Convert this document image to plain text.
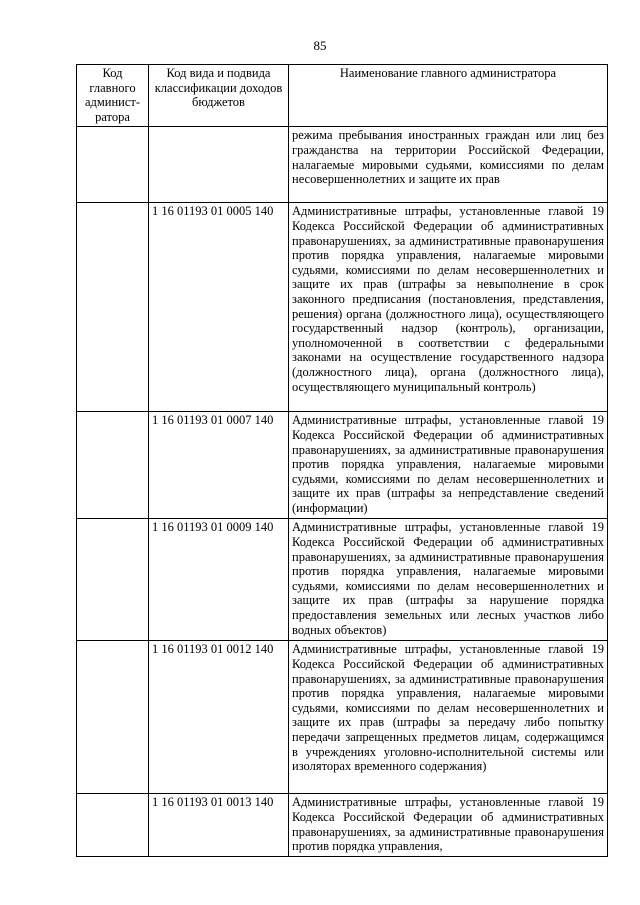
85
Код главного админист-ратора	Код вида и подвида классификации доходов бюджетов	Наименование главного администратора
		режима пребывания иностранных граждан или лиц без гражданства на территории Российской Федерации, налагаемые мировыми судьями, комиссиями по делам несовершеннолетних и защите их прав
	1 16 01193 01 0005 140	Административные штрафы, установленные главой 19 Кодекса Российской Федерации об административных правонарушениях, за административные правонарушения против порядка управления, налагаемые мировыми судьями, комиссиями по делам несовершеннолетних и защите их прав (штрафы за невыполнение в срок законного предписания (постановления, представления, решения) органа (должностного лица), осуществляющего государственный надзор (контроль), организации, уполномоченной в соответствии с федеральными законами на осуществление государственного надзора (должностного лица), органа (должностного лица), осуществляющего муниципальный контроль)
	1 16 01193 01 0007 140	Административные штрафы, установленные главой 19 Кодекса Российской Федерации об административных правонарушениях, за административные правонарушения против порядка управления, налагаемые мировыми судьями, комиссиями по делам несовершеннолетних и защите их прав (штрафы за непредставление сведений (информации)
	1 16 01193 01 0009 140	Административные штрафы, установленные главой 19 Кодекса Российской Федерации об административных правонарушениях, за административные правонарушения против порядка управления, налагаемые мировыми судьями, комиссиями по делам несовершеннолетних и защите их прав (штрафы за нарушение порядка предоставления земельных или лесных участков либо водных объектов)
	1 16 01193 01 0012 140	Административные штрафы, установленные главой 19 Кодекса Российской Федерации об административных правонарушениях, за административные правонарушения против порядка управления, налагаемые мировыми судьями, комиссиями по делам несовершеннолетних и защите их прав (штрафы за передачу либо попытку передачи запрещенных предметов лицам, содержащимся в учреждениях уголовно-исполнительной системы или изоляторах временного содержания)
	1 16 01193 01 0013 140	Административные штрафы, установленные главой 19 Кодекса Российской Федерации об административных правонарушениях, за административные правонарушения против порядка управления,
